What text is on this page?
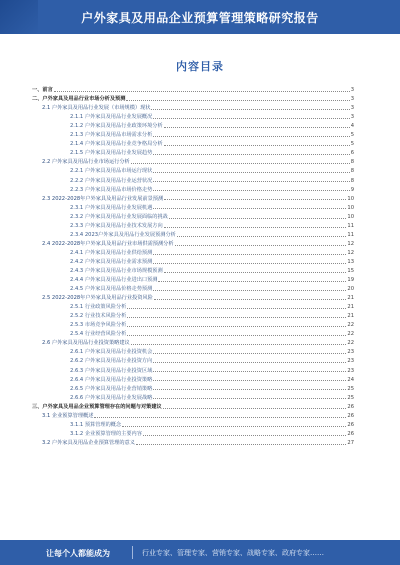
户外家具及用品企业预算管理策略研究报告
内容目录
一、前言	3
二、户外家具及用品行业市场分析及预测	3
2.1 户外家具及用品行业发展（市场规模）现状	3
2.1.1 户外家具及用品行业发展概况	3
2.1.2 户外家具及用品行业政策环境分析	4
2.1.3 户外家具及用品市场需求分析	5
2.1.4 户外家具及用品行业竞争格局分析	5
2.1.5 户外家具及用品行业发展趋势	6
2.2 户外家具及用品行业市场运行分析	8
2.2.1 户外家具及用品市场运行现状	8
2.2.2 户外家具及用品行业运营状况	8
2.2.3 户外家具及用品市场价格走势	9
2.3 2022-2028年户外家具及用品行业发展前景预测	10
2.3.1 户外家具及用品行业发展机遇	10
2.3.2 户外家具及用品行业发展面临的挑战	10
2.3.3 户外家具及用品行业技术发展方向	11
2.3.4 2023户外家具及用品行业发展预测分析	11
2.4 2022-2028年户外家具及用品行业市场供需预测分析	12
2.4.1 户外家具及用品行业供给预测	12
2.4.2 户外家具及用品行业需求预测	13
2.4.3 户外家具及用品行业市场规模预测	15
2.4.4 户外家具及用品行业进出口预测	19
2.4.5 户外家具及用品价格走势预测	20
2.5 2022-2028年户外家具及用品行业投资风险	21
2.5.1 行业政策风险分析	21
2.5.2 行业技术风险分析	21
2.5.3 市场竞争风险分析	22
2.5.4 行业经营风险分析	22
2.6 户外家具及用品行业投资策略建议	22
2.6.1 户外家具及用品行业投资机会	23
2.6.2 户外家具及用品行业投资方向	23
2.6.3 户外家具及用品行业投资区域	23
2.6.4 户外家具及用品行业投资策略	24
2.6.5 户外家具及用品行业营销策略	25
2.6.6 户外家具及用品行业发展战略	25
三、户外家具及用品企业预算管理存在的问题与对策建议	26
3.1 企业预算管理概述	26
3.1.1 预算管理的概念	26
3.1.2 企业预算管理的主要内容	26
3.2 户外家具及用品企业预算管理的意义	27
让每个人都能成为	行业专家、管理专家、营销专家、战略专家、政府专家……
